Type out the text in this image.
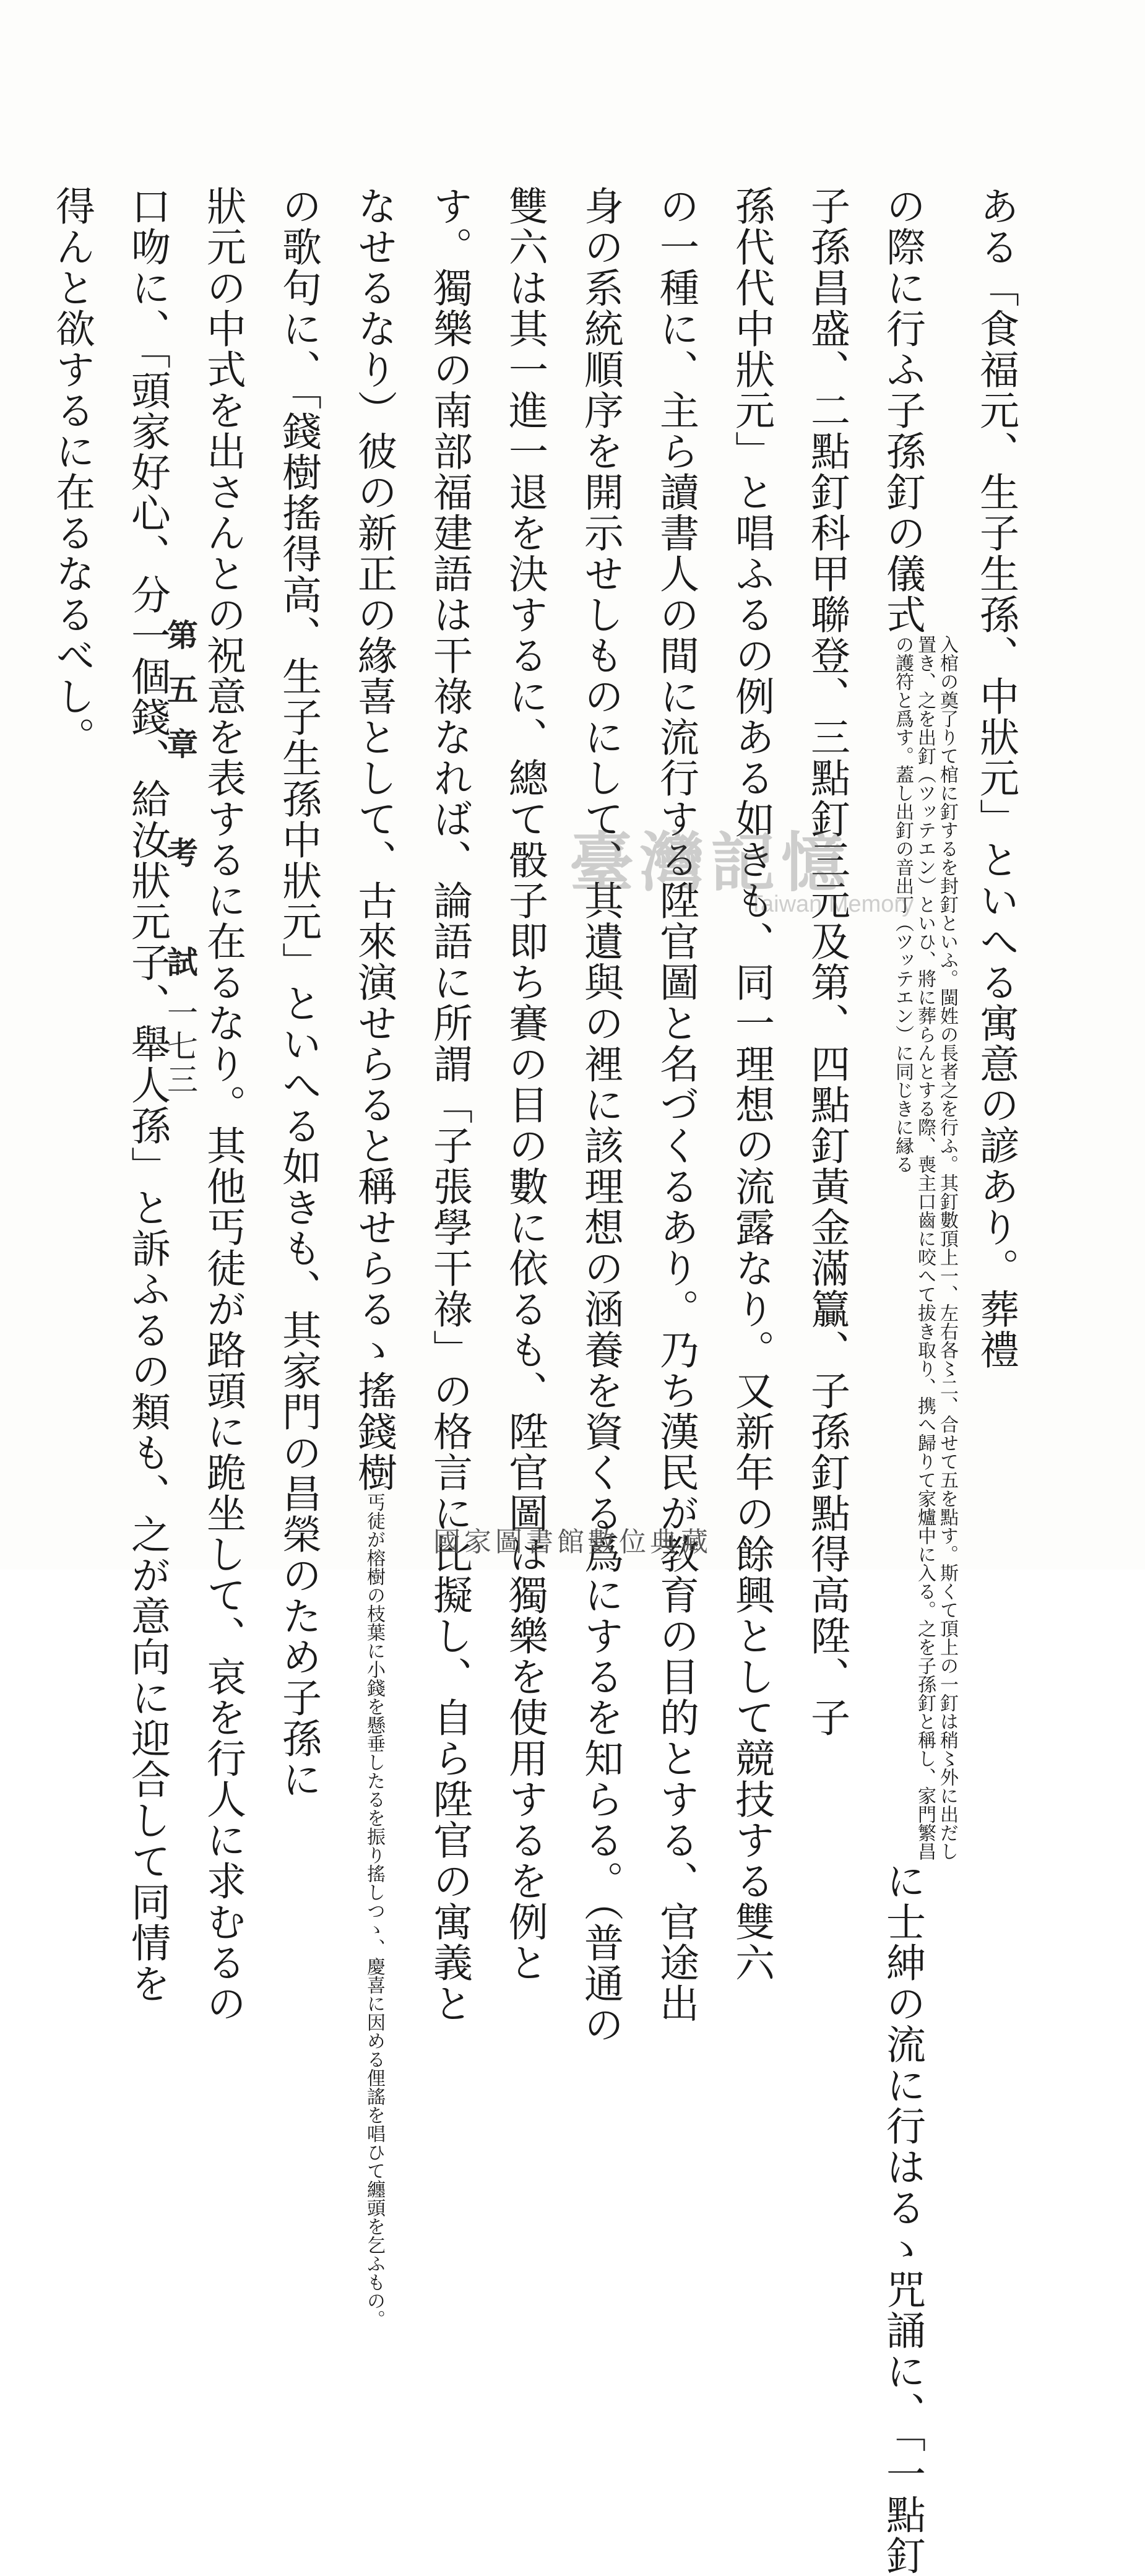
ある「食福元、生子生孫、中狀元」といへる寓意の諺あり。葬禮
の際に行ふ子孫釘の儀式入棺の奠了りて棺に釘するを封釘といふ。閩姓の長者之を行ふ。其釘數頂上一、左右各〻二、合せて五を點す。斯くて頂上の一釘は稍〻外に出だし置き、之を出釘（ツッテエン）といひ、將に葬らんとする際、喪主口齒に咬へて拔き取り、携へ歸りて家爐中に入る。之を子孫釘と稱し、家門繁昌の護符と爲す。蓋し出釘の音出丁（ツッテエン）に同じきに縁るに士紳の流に行はるゝ咒誦に、「一點釘
子孫昌盛、二點釘科甲聯登、三點釘三元及第、四點釘黃金滿籯、子孫釘點得高陞、子
孫代代中狀元」と唱ふるの例ある如きも、同一理想の流露なり。又新年の餘興として競技する雙六
の一種に、主ら讀書人の間に流行する陞官圖と名づくるあり。乃ち漢民が教育の目的とする、官途出
身の系統順序を開示せしものにして、其遺與の裡に該理想の涵養を資くる爲にするを知らる。（普通の
雙六は其一進一退を決するに、總て骰子即ち賽の目の數に依るも、陞官圖は獨樂を使用するを例と
す。獨樂の南部福建語は干祿なれば、論語に所謂「子張學干祿」の格言に比擬し、自ら陞官の寓義と
なせるなり）彼の新正の緣喜として、古來演せらると稱せらるゝ搖錢樹丐徒が榕樹の枝葉に小錢を懸垂したるを振り搖しつゝ、慶喜に因める俚謠を唱ひて纏頭を乞ふもの。
の歌句に、「錢樹搖得高、生子生孫中狀元」といへる如きも、其家門の昌榮のため子孫に
狀元の中式を出さんとの祝意を表するに在るなり。其他丐徒が路頭に跪坐して、哀を行人に求むるの
口吻に、「頭家好心、分一個錢、給汝狀元子、舉人孫」と訴ふるの類も、之が意向に迎合して同情を
得んと欲するに在るなるべし。
第五章　考　試
一七三
臺灣記憶
Taiwan Memory
國家圖書館數位典藏
